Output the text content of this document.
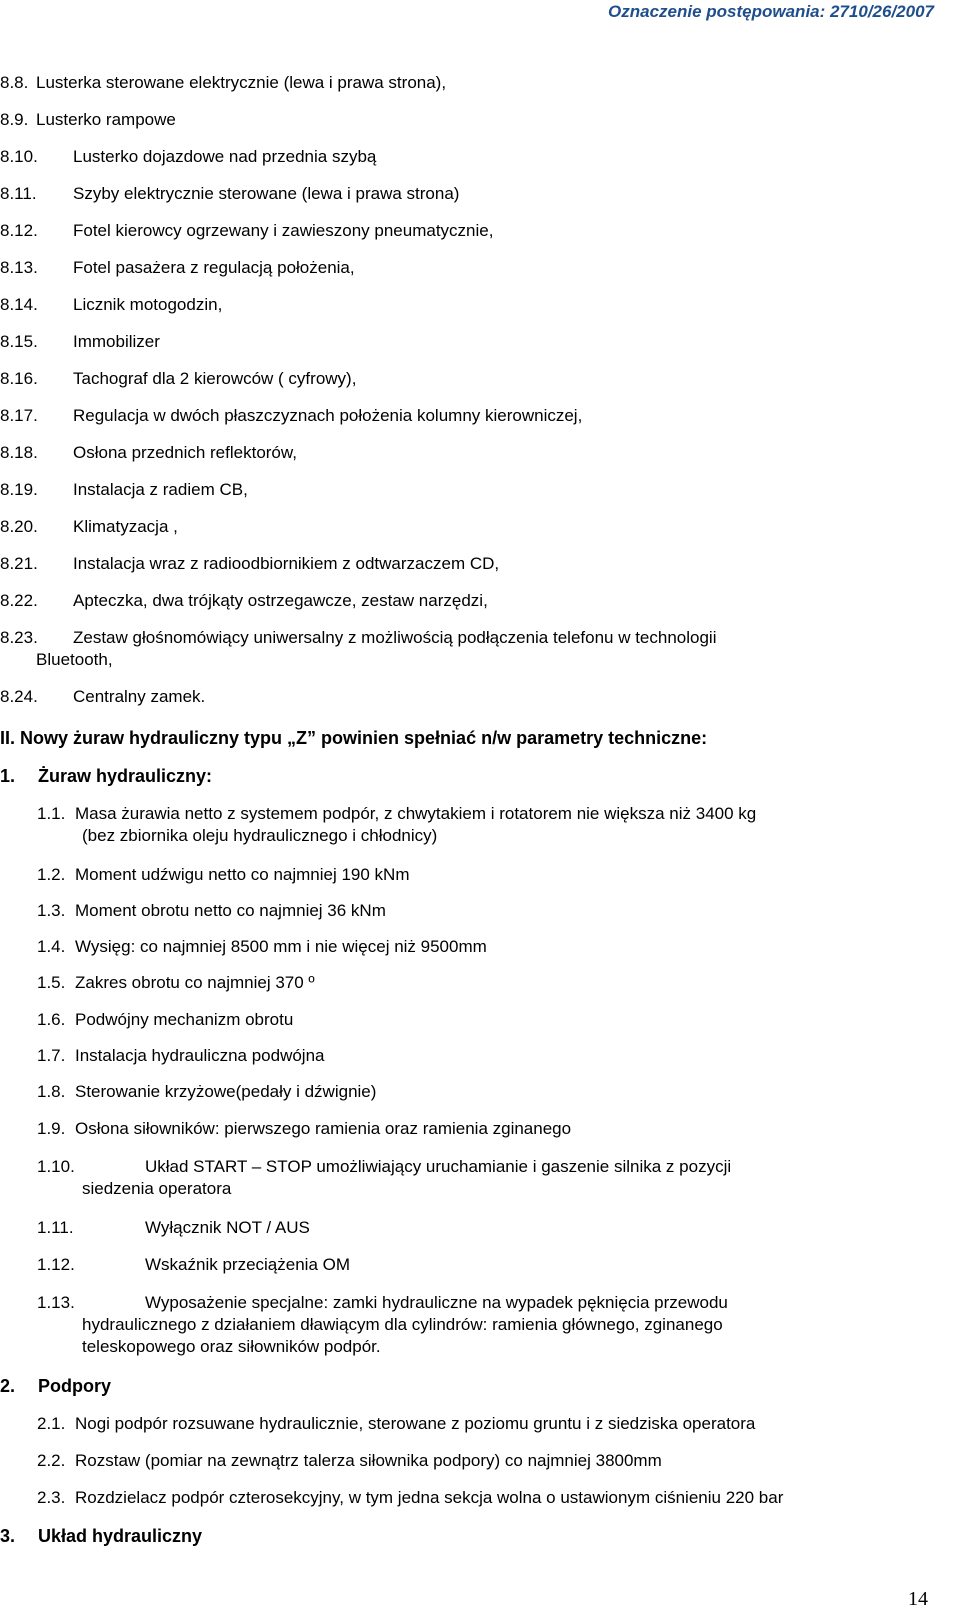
Oznaczenie postępowania: 2710/26/2007
8.8. Lusterka sterowane elektrycznie (lewa i prawa strona),
8.9. Lusterko rampowe
8.10. Lusterko dojazdowe nad przednia szybą
8.11. Szyby elektrycznie sterowane (lewa i prawa strona)
8.12. Fotel kierowcy ogrzewany i zawieszony pneumatycznie,
8.13. Fotel pasażera z regulacją położenia,
8.14. Licznik motogodzin,
8.15. Immobilizer
8.16. Tachograf dla 2 kierowców ( cyfrowy),
8.17. Regulacja w dwóch płaszczyznach położenia kolumny kierowniczej,
8.18. Osłona przednich reflektorów,
8.19. Instalacja z radiem CB,
8.20. Klimatyzacja ,
8.21. Instalacja wraz z radioodbiornikiem z odtwarzaczem CD,
8.22. Apteczka, dwa trójkąty ostrzegawcze, zestaw narzędzi,
8.23. Zestaw głośnomówiący uniwersalny z możliwością podłączenia telefonu w technologii
Bluetooth,
8.24. Centralny zamek.
II. Nowy żuraw hydrauliczny typu „Z” powinien spełniać n/w parametry techniczne:
1. Żuraw hydrauliczny:
1.1. Masa żurawia netto z systemem podpór, z chwytakiem i rotatorem nie większa niż 3400 kg
(bez zbiornika oleju hydraulicznego i chłodnicy)
1.2. Moment udźwigu netto co najmniej 190 kNm
1.3. Moment obrotu netto co najmniej 36 kNm
1.4. Wysięg: co najmniej 8500 mm i nie więcej niż 9500mm
1.5. Zakres obrotu co najmniej 370 º
1.6. Podwójny mechanizm obrotu
1.7. Instalacja hydrauliczna podwójna
1.8. Sterowanie krzyżowe(pedały i dźwignie)
1.9. Osłona siłowników: pierwszego ramienia oraz ramienia zginanego
1.10.	Układ START – STOP umożliwiający uruchamianie i gaszenie silnika z pozycji
siedzenia operatora
1.11.	Wyłącznik NOT / AUS
1.12.	Wskaźnik przeciążenia OM
1.13.	Wyposażenie specjalne: zamki hydrauliczne na wypadek pęknięcia przewodu
hydraulicznego z działaniem dławiącym dla cylindrów: ramienia głównego, zginanego
teleskopowego oraz siłowników podpór.
2. Podpory
2.1. Nogi podpór rozsuwane hydraulicznie, sterowane z poziomu gruntu i z siedziska operatora
2.2. Rozstaw (pomiar na zewnątrz talerza siłownika podpory) co najmniej 3800mm
2.3. Rozdzielacz podpór czterosekcyjny, w tym jedna sekcja wolna o ustawionym ciśnieniu 220 bar
3. Układ hydrauliczny
14
